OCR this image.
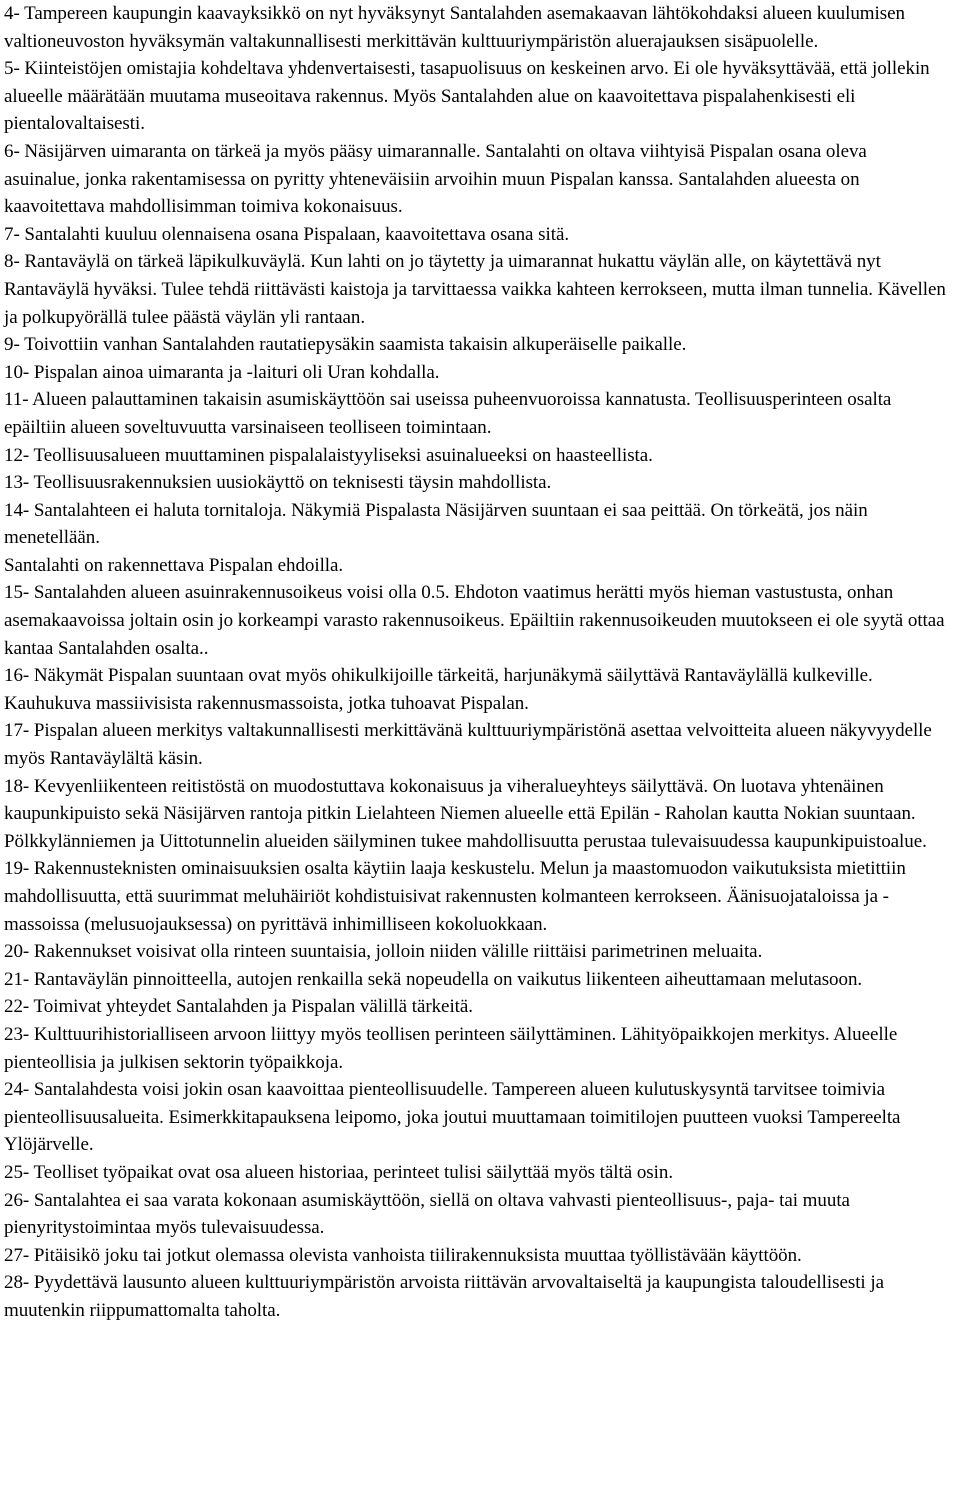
4- Tampereen kaupungin kaavayksikkö on nyt hyväksynyt Santalahden asemakaavan lähtökohdaksi alueen kuulumisen valtioneuvoston hyväksymän valtakunnallisesti merkittävän kulttuuriympäristön aluerajauksen sisäpuolelle.

5- Kiinteistöjen omistajia kohdeltava yhdenvertaisesti, tasapuolisuus on keskeinen arvo. Ei ole hyväksyttävää, että jollekin alueelle määrätään muutama museoitava rakennus. Myös Santalahden alue on kaavoitettava pispalahenkisesti eli pientalovaltaisesti.

6- Näsijärven uimaranta on tärkeä ja myös pääsy uimarannalle. Santalahti on oltava viihtyisä Pispalan osana oleva asuinalue, jonka rakentamisessa on pyritty yhteneväisiin arvoihin muun Pispalan kanssa. Santalahden alueesta on kaavoitettava mahdollisimman toimiva kokonaisuus.

7- Santalahti kuuluu olennaisena osana Pispalaan, kaavoitettava osana sitä.

8- Rantaväylä on tärkeä läpikulkuväylä. Kun lahti on jo täytetty ja uimarannat hukattu väylän alle, on käytettävä nyt Rantaväylä hyväksi. Tulee tehdä riittävästi kaistoja ja tarvittaessa vaikka kahteen kerrokseen, mutta ilman tunnelia. Kävellen ja polkupyörällä tulee päästä väylän yli rantaan.

9- Toivottiin vanhan Santalahden rautatiepysäkin saamista takaisin alkuperäiselle paikalle.

10- Pispalan ainoa uimaranta ja -laituri oli Uran kohdalla.

11- Alueen palauttaminen takaisin asumiskäyttöön sai useissa puheenvuoroissa kannatusta. Teollisuusperinteen osalta epäiltiin alueen soveltuvuutta varsinaiseen teolliseen toimintaan.

12- Teollisuusalueen muuttaminen pispalalaistyyliseksi asuinalueeksi on haasteellista.

13- Teollisuusrakennuksien uusiokäyttö on teknisesti täysin mahdollista.

14- Santalahteen ei haluta tornitaloja. Näkymiä Pispalasta Näsijärven suuntaan ei saa peittää. On törkeätä, jos näin menetellään.

Santalahti on rakennettava Pispalan ehdoilla.

15- Santalahden alueen asuinrakennusoikeus voisi olla 0.5. Ehdoton vaatimus herätti myös hieman vastustusta, onhan asemakaavoissa joltain osin jo korkeampi varasto rakennusoikeus. Epäiltiin rakennusoikeuden muutokseen ei ole syytä ottaa kantaa Santalahden osalta..

16- Näkymät Pispalan suuntaan ovat myös ohikulkijoille tärkeitä, harjunäkymä säilyttävä Rantaväylällä kulkeville. Kauhukuva massiivisista rakennusmassoista, jotka tuhoavat Pispalan.

17- Pispalan alueen merkitys valtakunnallisesti merkittävänä kulttuuriympäristönä asettaa velvoitteita alueen näkyvyydelle myös Rantaväylältä käsin.

18- Kevyenliikenteen reitistöstä on muodostuttava kokonaisuus ja viheralueyhteys säilyttävä. On luotava yhtenäinen kaupunkipuisto sekä Näsijärven rantoja pitkin Lielahteen Niemen alueelle että Epilän - Raholan kautta Nokian suuntaan. Pölkkylänniemen ja Uittotunnelin alueiden säilyminen tukee mahdollisuutta perustaa tulevaisuudessa kaupunkipuistoalue.

19- Rakennusteknisten ominaisuuksien osalta käytiin laaja keskustelu. Melun ja maastomuodon vaikutuksista mietittiin mahdollisuutta, että suurimmat meluhäiriöt kohdistuisivat rakennusten kolmanteen kerrokseen. Äänisuojataloissa ja -massoissa (melusuojauksessa) on pyrittävä inhimilliseen kokoluokkaan.

20- Rakennukset voisivat olla rinteen suuntaisia, jolloin niiden välille riittäisi parimetrinen meluaita.

21- Rantaväylän pinnoitteella, autojen renkailla sekä nopeudella on vaikutus liikenteen aiheuttamaan melutasoon.

22- Toimivat yhteydet Santalahden ja Pispalan välillä tärkeitä.

23- Kulttuurihistorialliseen arvoon liittyy myös teollisen perinteen säilyttäminen. Lähityöpaikkojen merkitys. Alueelle pienteollisia ja julkisen sektorin työpaikkoja.

24- Santalahdesta voisi jokin osan kaavoittaa pienteollisuudelle. Tampereen alueen kulutuskysyntä tarvitsee toimivia pienteollisuusalueita. Esimerkkitapauksena leipomo, joka joutui muuttamaan toimitilojen puutteen vuoksi Tampereelta Ylöjärvelle.

25- Teolliset työpaikat ovat osa alueen historiaa, perinteet tulisi säilyttää myös tältä osin.

26- Santalahtea ei saa varata kokonaan asumiskäyttöön, siellä on oltava vahvasti pienteollisuus-, paja- tai muuta pienyritystoimintaa myös tulevaisuudessa.

27- Pitäisikö joku tai jotkut olemassa olevista vanhoista tiilirakennuksista muuttaa työllistävään käyttöön.

28- Pyydettävä lausunto alueen kulttuuriympäristön arvoista riittävän arvovaltaiseltä ja kaupungista taloudellisesti ja muutenkin riippumattomalta taholta.
